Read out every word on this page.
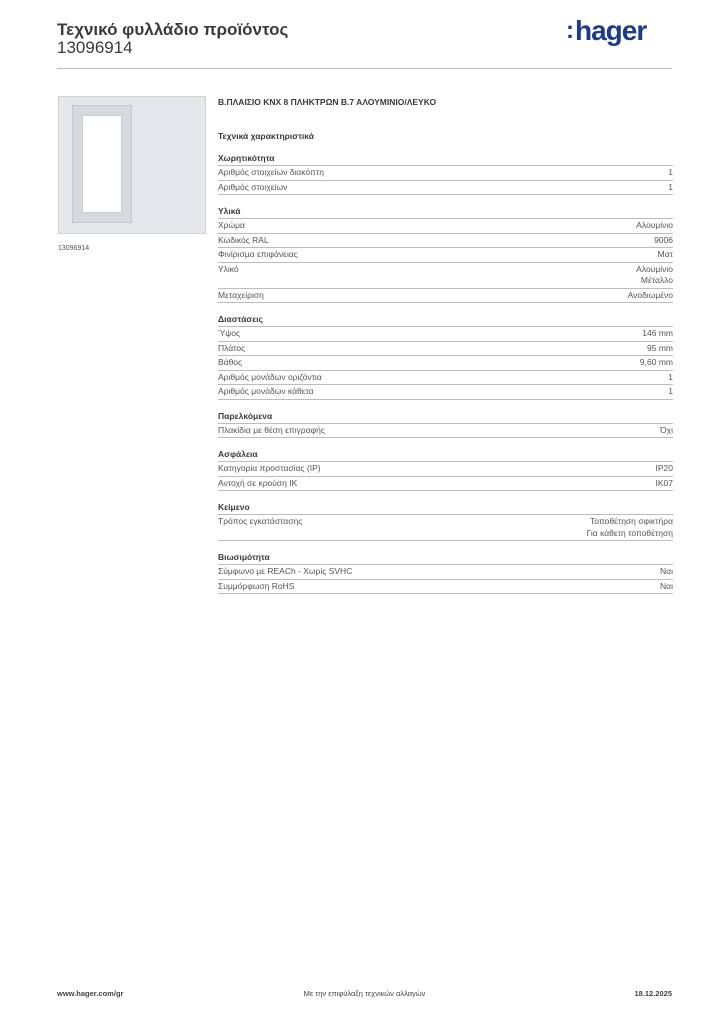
Τεχνικό φυλλάδιο προϊόντος
13096914
:hager
13096914
Β.ΠΛΑΙΣΙΟ ΚΝΧ 8 ΠΛΗΚΤΡΩΝ Β.7 ΑΛΟΥΜΙΝΙΟ/ΛΕΥΚΟ
Τεχνικά χαρακτηριστικά
Χωρητικότητα
Αριθμός στοιχείων διακόπτη	1
Αριθμός στοιχείων	1
Υλικά
Χρώμα	Αλουμίνιο
Κωδικός RAL	9006
Φινίρισμα επιφάνειας	Ματ
Υλικό	Αλουμίνιο
Μέταλλο
Μεταχείριση	Ανοδιωμένο
Διαστάσεις
Ύψος	146 mm
Πλάτος	95 mm
Βάθος	9,60 mm
Αριθμός μονάδων οριζόντια	1
Αριθμός μονάδων κάθετα	1
Παρελκόμενα
Πλακίδια με θέση επιγραφής	Όχι
Ασφάλεια
Κατηγορία προστασίας (IP)	IP20
Αντοχή σε κρούση IK	IK07
Κείμενο
Τρόπος εγκατάστασης	Τοποθέτηση σφικτήρα
Για κάθετη τοποθέτηση
Βιωσιμότητα
Σύμφωνο με REACh - Χωρίς SVHC	Ναι
Συμμόρφωση RoHS	Ναι
www.hager.com/gr	Με την επιφύλαξη τεχνικών αλλαγών	18.12.2025
